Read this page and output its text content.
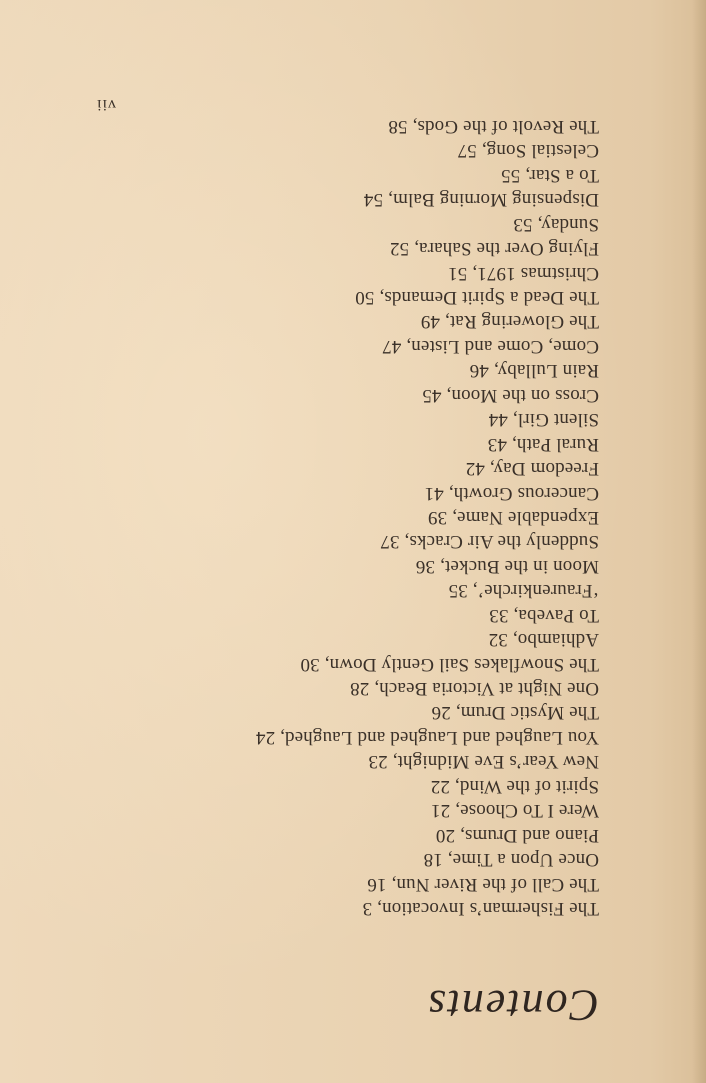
Contents
The Fisherman’s Invocation, 3
The Call of the River Nun, 16
Once Upon a Time, 18
Piano and Drums, 20
Were I To Choose, 21
Spirit of the Wind, 22
New Year’s Eve Midnight, 23
You Laughed and Laughed and Laughed, 24
The Mystic Drum, 26
One Night at Victoria Beach, 28
The Snowflakes Sail Gently Down, 30
Adhiambo, 32
To Paveba, 33
‘Fraurenkirche’, 35
Moon in the Bucket, 36
Suddenly the Air Cracks, 37
Expendable Name, 39
Cancerous Growth, 41
Freedom Day, 42
Rural Path, 43
Silent Girl, 44
Cross on the Moon, 45
Rain Lullaby, 46
Come, Come and Listen, 47
The Glowering Rat, 49
The Dead a Spirit Demands, 50
Christmas 1971, 51
Flying Over the Sahara, 52
Sunday, 53
Dispensing Morning Balm, 54
To a Star, 55
Celestial Song, 57
The Revolt of the Gods, 58
vii
